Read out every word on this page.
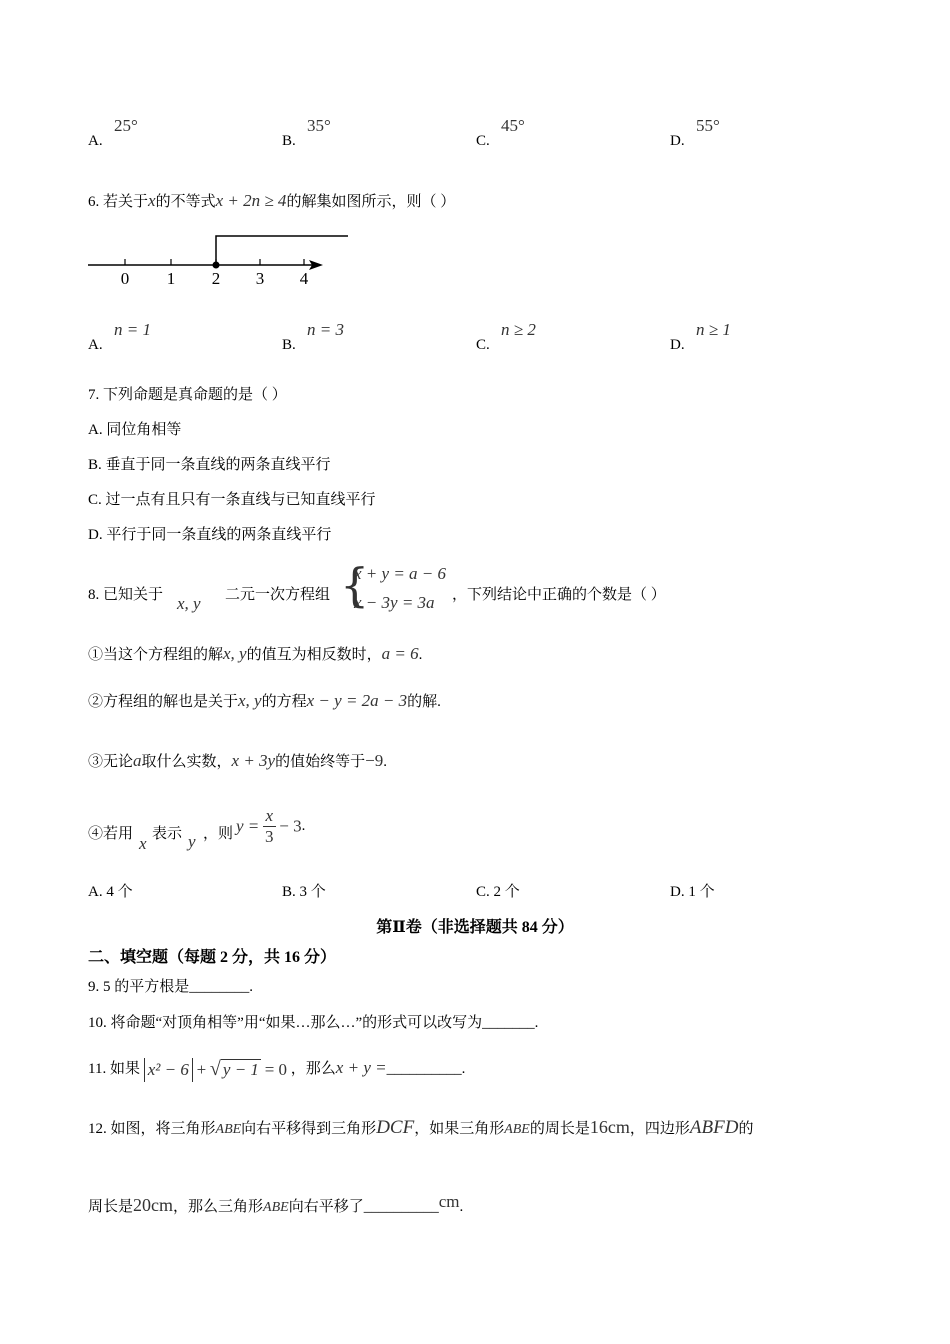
A.
25°
B.
35°
C.
45°
D.
55°
6. 若关于x的不等式x + 2n ≥ 4的解集如图所示，则（ ）
0 1 2 3 4
A.
n = 1
B.
n = 3
C.
n ≥ 2
D.
n ≥ 1
7. 下列命题是真命题的是（ ）
A. 同位角相等
B. 垂直于同一条直线的两条直线平行
C. 过一点有且只有一条直线与已知直线平行
D. 平行于同一条直线的两条直线平行
8. 已知关于 x, y 二元一次方程组 {
x + y = a − 6
x − 3y = 3a ，下列结论中正确的个数是（ ）
①当这个方程组的解x, y的值互为相反数时，a = 6.
②方程组的解也是关于x, y的方程x − y = 2a − 3的解.
③无论a取什么实数，x + 3y的值始终等于−9.
④若用 x 表示 y ，则 $y = \frac{x}{3} - 3$.
A. 4 个	B. 3 个	C. 2 个	D. 1 个
第Ⅱ卷（非选择题共 84 分）
二、填空题（每题 2 分，共 16 分）
9. 5 的平方根是________.
10. 将命题“对顶角相等”用“如果…那么…”的形式可以改写为_______.
11. 如果 x² − 6 + √ y − 1 = 0 ，那么x + y =__________.
12. 如图，将三角形ABE向右平移得到三角形DCF，如果三角形ABE的周长是16cm，四边形ABFD的
周长是20cm，那么三角形ABE向右平移了__________cm.
